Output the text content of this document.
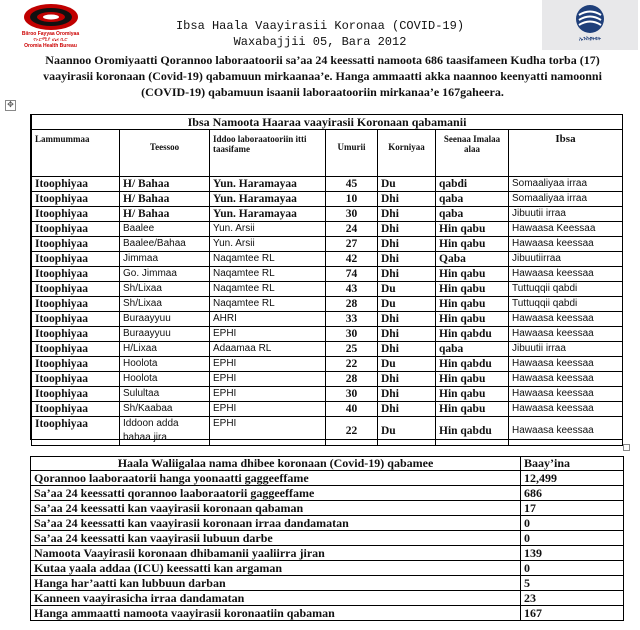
Biiroo Fayyaa Oromiyaa
የኦሮሚያ ጤና ቢሮ
Oromia Health Bureau
ኢንስቲትዩት
Ibsa Haala Vaayirasii Koronaa (COVID-19)
Waxabajjii 05, Bara 2012
Naannoo Oromiyaatti Qorannoo laboraatoorii sa’aa 24 keessatti namoota 686 taasifameen Kudha torba (17) vaayirasii koronaan (Covid-19) qabamuun mirkaanaa’e. Hanga ammaatti akka naannoo keenyatti namoonni (COVID-19) qabamuun isaanii laboraatooriin mirkanaa’e 167gaheera.
✥
Ibsa Namoota Haaraa vaayirasii Koronaan qabamanii						
Lammummaa	Teessoo	Iddoo laboraatooriin itti taasifame	Umurii	Korniyaa	Seenaa Imalaa alaa	Ibsa
Itoophiyaa	H/ Bahaa	Yun. Haramayaa	45	Du	qabdi	Somaaliyaa irraa
Itoophiyaa	H/ Bahaa	Yun. Haramayaa	10	Dhi	qaba	Somaaliyaa irraa
Itoophiyaa	H/ Bahaa	Yun. Haramayaa	30	Dhi	qaba	Jibuutii irraa
Itoophiyaa	Baalee	Yun. Arsii	24	Dhi	Hin qabu	Hawaasa Keessaa
Itoophiyaa	Baalee/Bahaa	Yun. Arsii	27	Dhi	Hin qabu	Hawaasa keessaa
Itoophiyaa	Jimmaa	Naqamtee RL	42	Dhi	Qaba	Jibuutiirraa
Itoophiyaa	Go. Jimmaa	Naqamtee RL	74	Dhi	Hin qabu	Hawaasa keessaa
Itoophiyaa	Sh/Lixaa	Naqamtee RL	43	Du	Hin qabu	Tuttuqqii qabdi
Itoophiyaa	Sh/Lixaa	Naqamtee RL	28	Du	Hin qabu	Tuttuqqii qabdi
Itoophiyaa	Buraayyuu	AHRI	33	Dhi	Hin qabu	Hawaasa keessaa
Itoophiyaa	Buraayyuu	EPHI	30	Dhi	Hin qabdu	Hawaasa keessaa
Itoophiyaa	H/Lixaa	Adaamaa RL	25	Dhi	qaba	Jibuutii irraa
Itoophiyaa	Hoolota	EPHI	22	Du	Hin qabdu	Hawaasa keessaa
Itoophiyaa	Hoolota	EPHI	28	Dhi	Hin qabu	Hawaasa keessaa
Itoophiyaa	Sulultaa	EPHI	30	Dhi	Hin qabu	Hawaasa keessaa
Itoophiyaa	Sh/Kaabaa	EPHI	40	Dhi	Hin qabu	Hawaasa keessaa
Itoophiyaa	Iddoon adda bahaa jira	EPHI	22	Du	Hin qabdu	Hawaasa keessaa
Haala Waliigalaa nama dhibee koronaan (Covid-19) qabamee	Baay’ina
Qorannoo laaboraatorii hanga yoonaatti gaggeeffame	12,499
Sa’aa 24 keessatti qorannoo laaboraatorii gaggeeffame	686
Sa’aa 24 keessatti kan vaayirasii koronaan qabaman	17
Sa’aa 24 keessatti kan vaayirasii koronaan irraa dandamatan	0
Sa’aa 24 keessatti kan vaayirasii lubuun darbe	0
Namoota Vaayirasii koronaan dhibamanii yaaliirra jiran	139
Kutaa yaala addaa (ICU) keessatti kan argaman	0
Hanga har’aatti kan lubbuun darban	5
Kanneen vaayirasicha irraa dandamatan	23
Hanga ammaatti namoota vaayirasii koronaatiin qabaman	167
